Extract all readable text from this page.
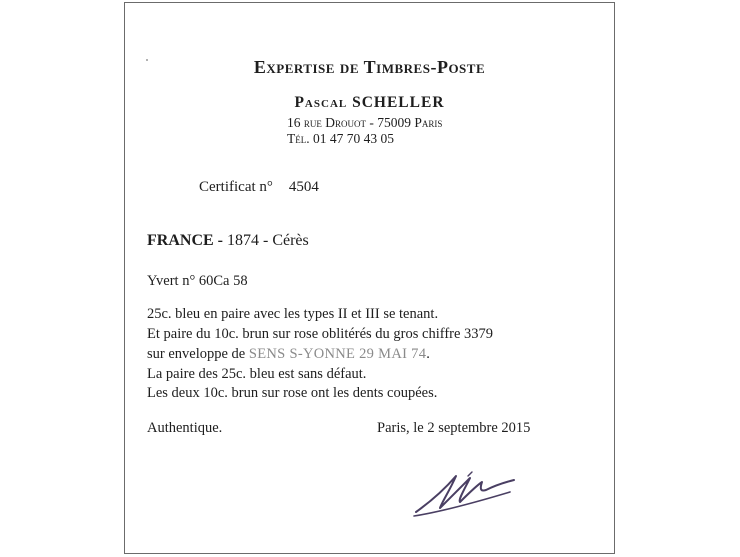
Expertise de Timbres-Poste
Pascal SCHELLER
16 rue Drouot - 75009 Paris
Tél. 01 47 70 43 05
Certificat n° 4504
FRANCE - 1874 - Cérès
Yvert n° 60Ca 58
25c. bleu en paire avec les types II et III se tenant.
Et paire du 10c. brun sur rose oblitérés du gros chiffre 3379
sur enveloppe de SENS S-YONNE 29 MAI 74.
La paire des 25c. bleu est sans défaut.
Les deux 10c. brun sur rose ont les dents coupées.
Authentique.	Paris, le 2 septembre 2015
